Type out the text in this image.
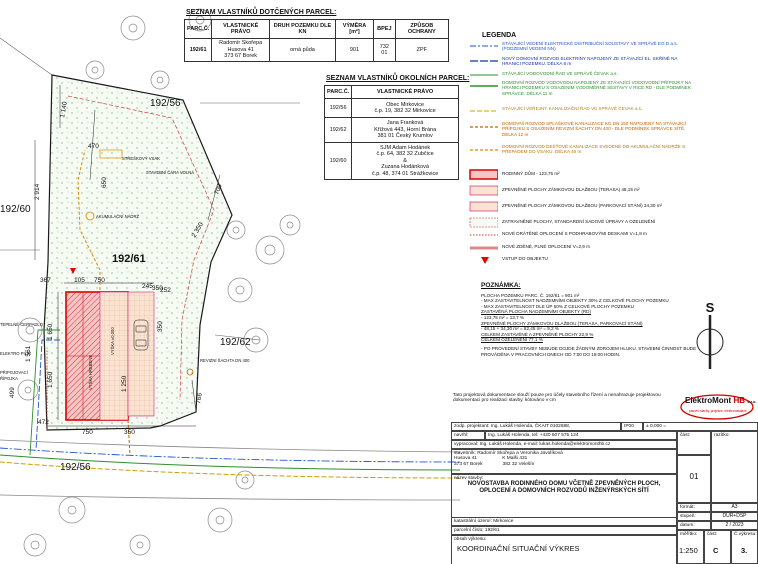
192/61
192/56
192/60
192/62
192/56
STŘEŠKOVÝ VSAK
STAVEBNÍ ČÁRA VOLNÁ
AKUMULAČNÍ NÁDRŽ
TEPELNÉ ČERPADLO
ELEKTRO PILÍŘ
PŘIPOJOVACÍ
ŘÍPOJKA
REVIZNÍ ŠACHTA DN 400
VYŠKA HŘEBENE
VYŠKA ±0,000
1 140
470
2 914
650
2 350
700
367	105 750
245
252
1 650
1 650
1 561
499
472
750	350
766
350
350
1 250
SEZNAM VLASTNÍKŮ DOTČENÝCH PARCEL:
PARC.Č.	VLASTNICKÉ PRÁVO	DRUH POZEMKU DLE KN	VÝMĚRA [m²]	BPEJ	ZPŮSOB OCHRANY
192/61	Radomír Skořepa
Husova 41
373 67 Borek	orná půda	901	732 01	ZPF
SEZNAM VLASTNÍKŮ OKOLNÍCH PARCEL:
PARC.Č.	VLASTNICKÉ PRÁVO
192/56	Obec Mirkovice
č.p. 19, 382 32 Mirkovice
192/62	Jana Franková
Křížová 443, Horní Brána
381 01 Český Krumlov
192/60	SJM Adam Hodánek
č.p. 64, 382 32 Zubčice
&
Zuzana Hodánková
č.p. 48, 374 01 Strážkovice
LEGENDA
STÁVAJÍCÍ VEDENÍ ELEKTRICKÉ DISTRIBUČNÍ SOUSTAVY VE SPRÁVĚ EG.D a.s. (PODZEMNÍ VEDENÍ NN)
NOVÝ DOMOVNÍ ROZVOD ELEKTRINY NAPOJENÝ ZE STÁVAJÍCÍ EL. SKŘÍNĚ NA HRANICI POZEMKU. DÉLKA 8 m
STÁVAJÍCÍ VODOVODNÍ ŘAD VE SPRÁVĚ ČEVAK a.s.
DOMOVNÍ ROZVOD VODOVODU NAPOJENÝ ZE STÁVAJÍCÍ VODOVODNÍ PŘÍPOJKY NA HRANICI POZEMKU S OSAZENÍM VODOMĚRNÉ SESTAVY V RICE RD - DLE PODMÍNEK SPRÁVCE. DÉLKA 11 m
STÁVAJÍCÍ VEŘEJNÝ KANALIZAČNÍ ŘAD VE SPRÁVĚ ČEVAK a.s.
DOMOVNÍ ROZVOD SPLAŠKOVÉ KANALIZACE KG DN 150 NAPOJENÝ NA STÁVAJÍCÍ PŘÍPOJKU S OSAZENÍM REVIZNÍ ŠACHTY DN 400 - DLE PODMÍNEK SPRÁVCE SÍTĚ. DÉLKA 12 m
DOMOVNÍ ROZVOD DEŠŤOVÉ KANALIZACE SVEDENÉ DO AKUMULAČNÍ NÁDRŽE S PŘEPADEM DO VSAKU. DÉLKA 46 m
RODINNÝ DŮM - 123,75 m²
ZPEVNĚNÉ PLOCHY ZÁMKOVOU DLAŽBOU (TERASA) 48,15 m²
ZPEVNĚNÉ PLOCHY ZÁMKOVOU DLAŽBOU (PARKOVACÍ STÁNÍ) 34,30 m²
ZATRAVNĚNÉ PLOCHY, STANDARDNÍ SADOVÉ ÚPRAVY A OZELENĚNÍ
NOVÉ DRÁTĚNÉ OPLOCENÍ S PODHRABOVÝMI DESKAMI V=1,8 m
NOVÉ ZDĚNÉ, PLNÉ OPLOCENÍ V=2,9 m
VSTUP DO OBJEKTU
POZNÁMKA:
PLOCHA POZEMKU PARC. Č. 192/61 = 901 m²
- MAX ZASTAVITELNOST NADZEMNÍMI OBJEKTY 30% Z CELKOVÉ PLOCHY POZEMKU
- MAX ZASTAVITELNOST DLE ÚP 50% Z CELKOVÉ PLOCHY POZEMKU
ZASTAVĚNÁ PLOCHA NADZEMNÍMI OBJEKTY (RD)
- 123,75 m² = 13,7 %
ZPEVNĚNÉ PLOCHY ZÁMKOVOU DLAŽBOU (TERASA, PARKOVACÍ STÁNÍ)
- 48,15 + 34,30 m² = 82,45 m² = 9,2 %
CELKEM ZASTAVĚNÉ A ZPEVNĚNÉ PLOCHY 22,9 %
CELKEM OZELENĚNÍ 77,1 %
- PO PROVEDENÍ STAVBY NEBUDE DOJDE ŽÁDNÝM ZDROJEM HLUKU. STAVEBNÍ ČINNOST BUDE PROVÁDĚNA V PRACOVNÍCH DNECH OD 7:00 DO 18:00 HODIN.
S
Tato projektová dokumentace slouží pouze pro účely stavebního řízení a nenahrazuje projektovou dokumentaci pro realizaci stavby. kótováno v cm	ElektroMont HB s.r.o.
pasivní stavby, projekce, elektroinstalace
zodp. projektant: Ing. Lukáš Holenda, ČKAIT 0102688,	IP00	± 0,000 =
navrhl:	Ing. Lukáš Holenda, tel: +420 607 575 124	část:	razítko:
vypracoval: Ing. Lukáš Holenda, e-mail: lukas.holenda@elektromonthb.cz
stavebník: Radomír Skořepa a Veronika Javolíková
Husova 41                   K Malši 431
373 67 Borek               382 32 Velešín
01
název stavby:
NOVOSTAVBA RODINNÉHO DOMU VČETNĚ ZPEVNĚNÝCH PLOCH, OPLOCENÍ A DOMOVNÍCH ROZVODŮ INŽENÝRSKÝCH SÍTÍ
formát:	A3
stupeň:	DUR+DSP
katastrální území: Mirkovice
datum:	2 / 2023
parcelní číslo: 192/61
obsah výkresu:
KOORDINAČNÍ SITUAČNÍ VÝKRES
měřítko:
1:250
část:
C
Č.výkresu:
3.
